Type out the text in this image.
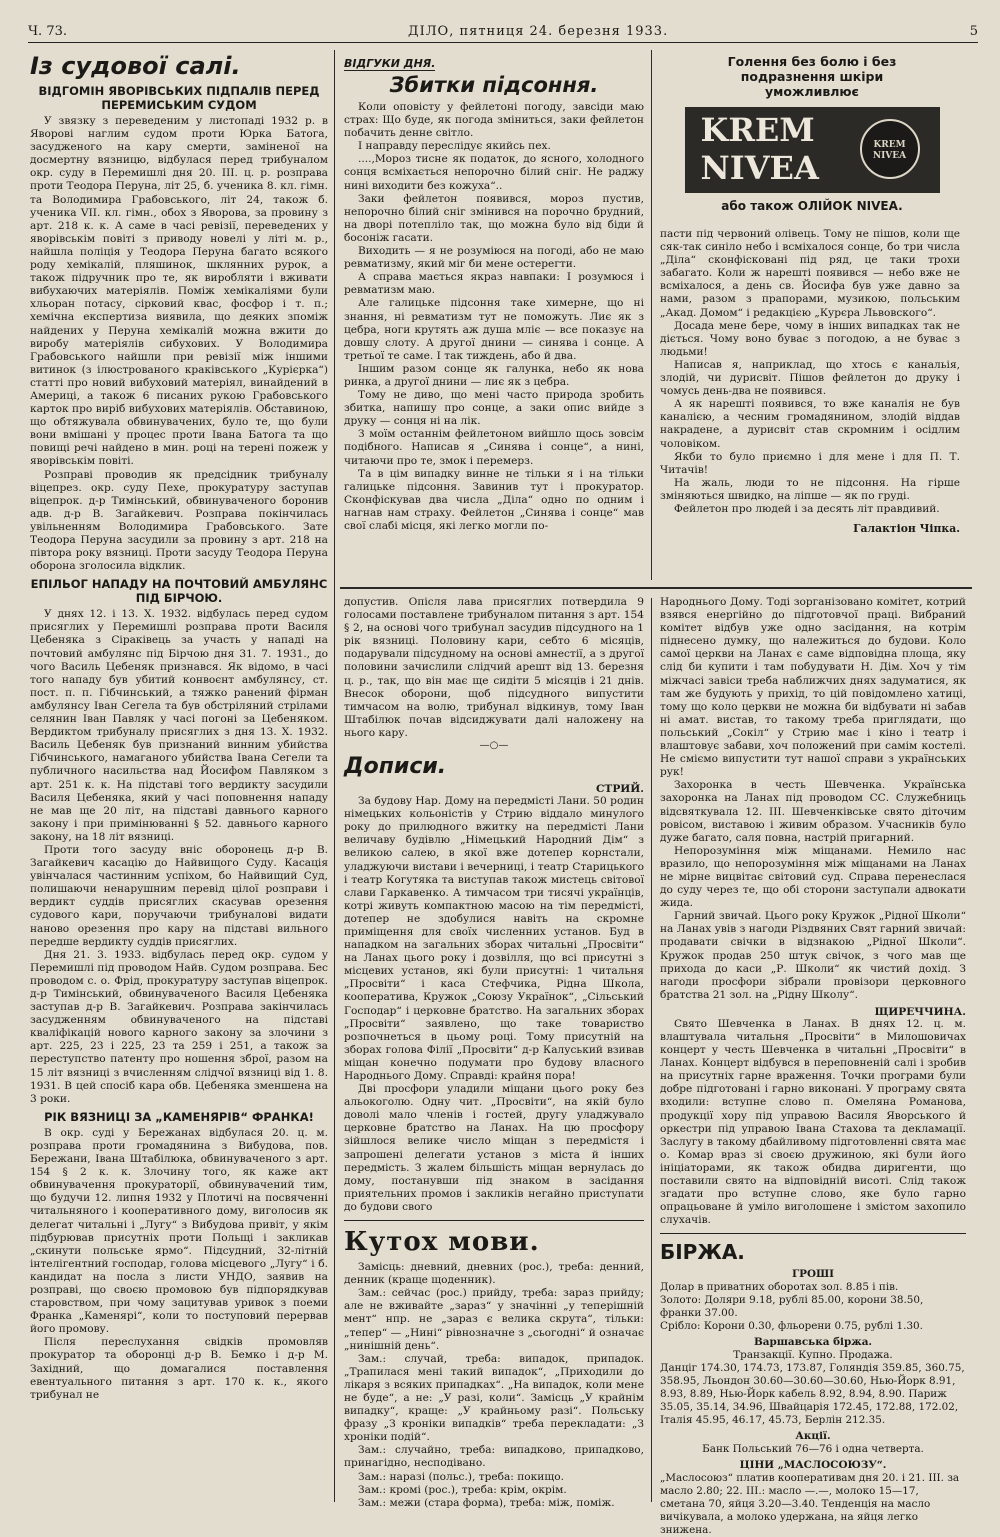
Ч. 73.	ДІЛО, пятниця 24. березня 1933.	5
Із судової салі.
ВІДГОМІН ЯВОРІВСЬКИХ ПІДПАЛІВ ПЕРЕД ПЕРЕМИСЬКИМ СУДОМ

У звязку з переведеним у листопаді 1932 р. в Яворові наглим судом проти Юрка Батога, засудженого на кару смерти, заміненої на досмертну вязницю, відбулася перед трибуналом окр. суду в Перемишлі дня 20. ІІІ. ц. р. розправа проти Теодора Перуна, літ 25, б. ученика 8. кл. гімн. та Володимира Грабовського, літ 24, також б. ученика VII. кл. гімн., обох з Яворова, за провину з арт. 218 к. к. А саме в часі ревізії, переведених у яворівськім повіті з приводу новелі у літі м. р., найшла поліція у Теодора Перуна багато всякого роду хемікалій, пляшинок, шклянних рурок, а також підручник про те, як виробляти і вживати вибухаючих матеріялів. Поміж хемікаліями були хльоран потасу, сірковий квас, фосфор і т. п.; хемічна експертиза виявила, що деяких зпоміж найдених у Перуна хемікалій можна вжити до виробу матеріялів сибухових. У Володимира Грабовського найшли при ревізії між іншими витинок (з ілюстрованого краківського „Курієрка“) статті про новий вибуховий матеріял, винайдений в Америці, а також 6 писаних рукою Грабовського карток про виріб вибухових матеріялів. Обставиною, що обтяжувала обвинувачених, було те, що були вони вмішані у процес проти Івана Батога та що повищі речі найдено в мин. році на терені пожеж у яворівськім повіті.

Розправі проводив як предсідник трибуналу віцепрез. окр. суду Пехе, прокуратуру заступав віцепрок. д-р Тимінський, обвинуваченого боронив адв. д-р В. Загайкевич. Розправа покінчилась увільненням Володимира Грабовського. Зате Теодора Перуна засудили за провину з арт. 218 на півтора року вязниці. Проти засуду Теодора Перуна оборона зголосила відклик.

ЕПІЛЬОГ НАПАДУ НА ПОЧТОВИЙ АМБУЛЯНС ПІД БІРЧОЮ.

У днях 12. і 13. X. 1932. відбулась перед судом присяглих у Перемишлі розправа проти Василя Цебеняка з Сіраківець за участь у нападі на почтовий амбулянс під Бірчою дня 31. 7. 1931., до чого Василь Цебеняк признався. Як відомо, в часі того нападу був убитий конвоєнт амбулянсу, ст. пост. п. п. Гібчинський, а тяжко ранений фірман амбулянсу Іван Сегела та був обстріляний стрілами селянин Іван Павляк у часі погоні за Цебеняком. Вердиктом трибуналу присяглих з дня 13. X. 1932. Василь Цебеняк був признаний винним убийства Гібчинського, намаганого убийства Івана Сегели та публичного насильства над Йосифом Павляком з арт. 251 к. к. На підставі того вердикту засудили Василя Цебеняка, який у часі поповнення нападу не мав ще 20 літ, на підставі давнього карного закону і при примінюванні § 52. давнього карного закону, на 18 літ вязниці.

Проти того засуду вніс оборонець д-р В. Загайкевич касацію до Найвищого Суду. Касація увінчалася частинним успіхом, бо Найвищий Суд, полишаючи ненарушним перевід цілої розправи і вердикт суддів присяглих скасував орезення судового кари, поручаючи трибуналові видати наново орезення про кару на підставі вильного передше вердикту суддів присяглих.

Дня 21. 3. 1933. відбулась перед окр. судом у Перемишлі під проводом Найв. Судом розправа. Бес проводом с. о. Фрід, прокуратуру заступав віцепрок. д-р Тимінський, обвинуваченого Василя Цебеняка заступав д-р В. Загайкевич. Розправа закінчилась засудженням обвинуваченого на підставі кваліфікацій нового карного закону за злочини з арт. 225, 23 і 225, 23 та 259 і 251, а також за переступство патенту про ношення зброї, разом на 15 літ вязниці з вчисленням слідчої вязниці від 1. 8. 1931. В цей спосіб кара обв. Цебеняка зменшена на 3 роки.

РІК ВЯЗНИЦІ ЗА „КАМЕНЯРІВ“ ФРАНКА!

В окр. суді у Бережанах відбулася 20. ц. м. розправа проти громадянина з Вибудова, пов. Бережани, Івана Штабілюка, обвинуваченого з арт. 154 § 2 к. к. Злочину того, як каже акт обвинувачення прокураторії, обвинувачений тим, що будучи 12. липня 1932 у Плотичі на посвяченні читальняного і кооперативного дому, виголосив як делегат читальні і „Лугу“ з Вибудова привіт, у якім підбурював присутніх проти Польщі і закликав „скинути польське ярмо“. Підсудний, 32-літній інтелігентний господар, голова місцевого „Лугу“ і б. кандидат на посла з листи УНДО, заявив на розправі, що своєю промовою був підпорядкував старовством, при чому зацитував уривок з поеми Франка „Каменярі“, коли то поступовий перервав його промову.

Після переслухання свідків промовляв прокуратор та оборонці д-р В. Бемко і д-р М. Західний, що домагалися поставлення евентуального питання з арт. 170 к. к., якого трибунал не

ВІДГУКИ ДНЯ.
Збитки підсоння.

Коли оповісту у фейлетоні погоду, завсіди маю страх: Що буде, як погода зміниться, заки фейлетон побачить денне світло.

І направду переслідує якийсь пех.

....,Мороз тисне як податок, до ясного, холодного сонця всміхається непорочно білий сніг. Не раджу нині виходити без кожуха“..

Заки фейлетон появився, мороз пустив, непорочно білий сніг змінився на порочно брудний, на дворі потепліло так, що можна було від біди й босоніж гасати.

Виходить — я не розуміюся на погоді, або не маю ревматизму, який міг би мене остерегти.

А справа мається якраз навпаки: І розумюся і ревматизм маю.

Але галицьке підсоння таке химерне, що ні знання, ні ревматизм тут не поможуть. Лиє як з цебра, ноги крутять аж душа мліє — все показує на довшу слоту. А другої днини — синява і сонце. А третьої те саме. І так тиждень, або й два.

Іншим разом сонце як галунка, небо як нова ринка, а другої днини — лиє як з цебра.

Тому не диво, що мені часто природа зробить збитка, напишу про сонце, а заки опис вийде з друку — сонця ні на лік.

З моїм останнім фейлетоном вийшло щось зовсім подібного. Написав я „Синява і сонце“, а нині, читаючи про те, змок і перемерз.

Та в цім випадку винне не тільки я і на тільки галицьке підсоння. Завинив тут і прокуратор. Сконфіскував два числа „Діла“ одно по одним і нагнав нам страху. Фейлетон „Синява і сонце“ мав свої слабі місця, які легко могли по-

Голення без болю і без
подразнення шкіри
уможливлює
KREM
NIVEA
KREM NIVEA
або також ОЛІЙОК NIVEA.

пасти під червоний олівець. Тому не пішов, коли ще сяк-так синіло небо і всміхалося сонце, бо три числа „Діла“ сконфісковані під ряд, це таки трохи забагато. Коли ж нарешті появився — небо вже не всміхалося, а день св. Йосифа був уже давно за нами, разом з прапорами, музикою, польським „Акад. Домом“ і редакцією „Курєра Львовского“.

Досада мене бере, чому в інших випадках так не діється. Чому воно буває з погодою, а не буває з людьми!

Написав я, наприклад, що хтось є канальія, злодій, чи дурисвіт. Пішов фейлетон до друку і чомусь день-два не появився.

А як нарешті появився, то вже каналія не був каналією, а чесним громадянином, злодій віддав накрадене, а дурисвіт став скромним і осідлим чоловіком.

Якби то було приємно і для мене і для П. Т. Читачів!

На жаль, люди то не підсоння. На гірше зміняються швидко, на ліпше — як по груді.

Фейлетон про людей і за десять літ правдивий.

Галактіон Чіпка.

допустив. Опісля лава присяглих потвердила 9 голосами поставлене трибуналом питання з арт. 154 § 2, на основі чого трибунал засудив підсудного на 1 рік вязниці. Половину кари, себто 6 місяців, подарували підсудному на основі амнестії, а з другої половини зачислили слідчий арешт від 13. березня ц. р., так, що він має ще сидіти 5 місяців і 21 днів. Внесок оборони, щоб підсудного випустити тимчасом на волю, трибунал відкинув, тому Іван Штабілюк почав відсиджувати далі наложену на нього кару.

—○—
Дописи.
СТРИЙ.

За будову Нар. Дому на передмісті Лани. 50 родин німецьких кольоністів у Стрию віддало минулого року до прилюдного вжитку на передмісті Лани величаву будівлю „Німецький Народний Дім“ з великою салею, в якої вже дотепер корнстали, уладжуючи вистави і вечерниці, і театр Старицького і театр Когутяка та виступав також мистець світової слави Гаркавенко. А тимчасом три тисячі українців, котрі живуть компактною масою на тім передмісті, дотепер не здобулися навіть на скромне приміщення для своїх численних установ. Буд в нападком на загальних зборах читальні „Просвіти“ на Ланах цього року і дозвілля, що всі присутні з місцевих установ, які були присутні: 1 читальня „Просвіти“ і каса Стефчика, Рідна Школа, кооператива, Кружок „Союзу Українок“, „Сільський Господар“ і церковне братство. На загальних зборах „Просвіти“ заявлено, що таке товариство розпочнеться в цьому році. Тому присутній на зборах голова Філії „Просвіти“ д-р Калуський взивав міщан конечно подумати про будову власного Народнього Дому. Справді: крайня пора!

Дві просфори уладили міщани цього року без альокоголю. Одну чит. „Просвіти“, на якій було доволі мало членів і гостей, другу уладжувало церковне братство на Ланах. На цю просфору зійшлося велике число міщан з передмістя і запрошені делегати установ з міста й інших передмість. З жалем більшість міщан вернулась до дому, постанувши під знаком в засідання приятельних промов і закликів негайно приступати до будови свого

Кутох мови.

Замісць: дневний, дневних (рос.), треба: денний, денник (краще щоденник).

Зам.: сейчас (рос.) прийду, треба: зараз прийду; але не вживайте „зараз“ у значінні „у теперішній мент“ нпр. не „зараз є велика скрута“, тільки: „тепер“ — „Нині“ рівнозначне з „сьогодні“ й означає „нинішній день“.

Зам.: случай, треба: випадок, припадок. „Трапилася мені такий випадок“, „Приходили до лікаря з всяких припадках“. „На випадок, коли мене не буде“, а не: „У разі, коли“. Замісць „У крайнім випадку“, краще: „У крайньому разі“. Польську фразу „З кроніки випадків“ треба перекладати: „З хроніки подій“.

Зам.: случайно, треба: випадково, припадково, принагідно, несподівано.

Зам.: наразі (польс.), треба: покищо.

Зам.: кромі (рос.), треба: крім, окрім.

Зам.: межи (стара форма), треба: між, поміж.

Народнього Дому. Тоді зорганізовано комітет, котрий взявся енергійно до підготовчої праці. Вибраний комітет відбув уже одно засідання, на котрім піднесено думку, що належиться до будови. Коло самої церкви на Ланах є саме відповідна площа, яку слід би купити і там побудувати Н. Дім. Хоч у тім міжчасі завіси треба наближчих днях задуматися, як там же будують у прихід, то цій повідомлено хатиці, тому що коло церкви не можна би відбувати ні забав ні амат. вистав, то такому треба приглядати, що польський „Сокіл“ у Стрию має і кіно і театр і влаштовує забави, хоч положений при самім костелі. Не сміємо випустити тут нашої справи з українських рук!

Захоронка в честь Шевченка. Українська захоронка на Ланах під проводом СС. Служебниць відсвяткувала 12. ІІІ. Шевченківське свято діточим ровісом, виставою і живим образом. Учасників було дуже багато, саля повна, настрій пригарний.

Непорозуміння між міщанами. Немило нас вразило, що непорозуміння між міщанами на Ланах не мірне вицвітає світовий суд. Справа перенеслася до суду через те, що обі сторони заступали адвокати жида.

Гарний звичай. Цього року Кружок „Рідної Школи“ на Ланах увів з нагоди Різдвяних Свят гарний звичай: продавати свічки в відзнакою „Рідної Школи“. Кружок продав 250 штук свічок, з чого мав ще прихода до каси „Р. Школи“ як чистий дохід. З нагоди просфори зібрали провізори церковного братства 21 зол. на „Рідну Школу“.

ЩИРЕЧЧИНА.

Свято Шевченка в Ланах. В днях 12. ц. м. влаштувала читальня „Просвіти“ в Милошовичах концерт у честь Шевченка в читальні „Просвіти“ в Ланах. Концерт відбувся в переповненій салі і зробив на присутніх гарне враження. Точки програми були добре підготовані і гарно виконані. У програму свята входили: вступне слово п. Омеляна Романова, продукції хору під управою Василя Яворського й оркестри під управою Івана Стахова та декламації. Заслугу в такому дбайливому підготовленні свята має о. Комар враз зі своєю дружиною, які були його ініціаторами, як також обидва диригенти, що поставили свято на відповідній висоті. Слід також згадати про вступне слово, яке було гарно опрацьоване й уміло виголошене і змістом захопило слухачів.

БІРЖА.
ГРОШІ

Долар в приватних оборотах зол. 8.85 і пів.

Золото: Доляри 9.18, рублі 85.00, корони 38.50, франки 37.00.

Срібло: Корони 0.30, фльорени 0.75, рублі 1.30.

Варшавська біржа.
Транзакції. Купно. Продажа.

Данціг 174.30, 174.73, 173.87, Голяндія 359.85, 360.75, 358.95, Льондон 30.60—30.60—30.60, Нью-Йорк 8.91, 8.93, 8.89, Нью-Йорк кабель 8.92, 8.94, 8.90. Париж 35.05, 35.14, 34.96, Швайцарія 172.45, 172.88, 172.02, Італія 45.95, 46.17, 45.73, Берлін 212.35.

Акції.

Банк Польський 76—76 і одна четверта.

ЦІНИ „МАСЛОСОЮЗУ“.

„Маслосоюз“ платив кооперативам дня 20. і 21. ІІІ. за масло 2.80; 22. ІІІ.: масло —.—, молоко 15—17, сметана 70, яйця 3.20—3.40. Тенденція на масло вичікувала, а молоко удержана, на яйця легко зниженa.
